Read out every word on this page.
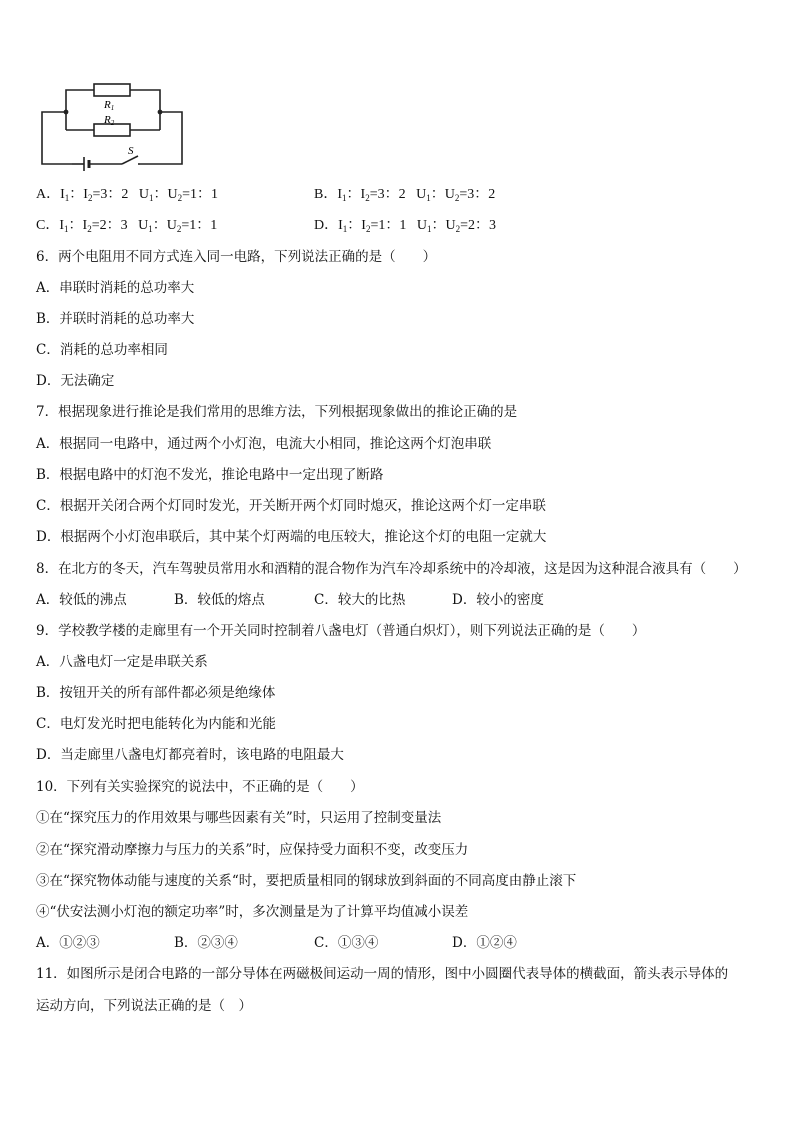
R1
R2
S
A．$I_1$：$I_2=3$：2 $U_1$：$U_2=1$：1	B．$I_1$：$I_2=3$：2 $U_1$：$U_2=3$：2
C．$I_1$：$I_2=2$：3 $U_1$：$U_2=1$：1	D．$I_1$：$I_2=1$：1 $U_1$：$U_2=2$：3
6．两个电阻用不同方式连入同一电路，下列说法正确的是（　　）
A．串联时消耗的总功率大
B．并联时消耗的总功率大
C．消耗的总功率相同
D．无法确定
7．根据现象进行推论是我们常用的思维方法，下列根据现象做出的推论正确的是
A．根据同一电路中，通过两个小灯泡，电流大小相同，推论这两个灯泡串联
B．根据电路中的灯泡不发光，推论电路中一定出现了断路
C．根据开关闭合两个灯同时发光，开关断开两个灯同时熄灭，推论这两个灯一定串联
D．根据两个小灯泡串联后，其中某个灯两端的电压较大，推论这个灯的电阻一定就大
8．在北方的冬天，汽车驾驶员常用水和酒精的混合物作为汽车冷却系统中的冷却液，这是因为这种混合液具有（　　）
A．较低的沸点	B．较低的熔点	C．较大的比热	D．较小的密度
9．学校教学楼的走廊里有一个开关同时控制着八盏电灯（普通白炽灯），则下列说法正确的是（　　）
A．八盏电灯一定是串联关系
B．按钮开关的所有部件都必须是绝缘体
C．电灯发光时把电能转化为内能和光能
D．当走廊里八盏电灯都亮着时，该电路的电阻最大
10．下列有关实验探究的说法中，不正确的是（　　）
①在“探究压力的作用效果与哪些因素有关”时，只运用了控制变量法
②在“探究滑动摩擦力与压力的关系”时，应保持受力面积不变，改变压力
③在“探究物体动能与速度的关系“时，要把质量相同的钢球放到斜面的不同高度由静止滚下
④“伏安法测小灯泡的额定功率”时，多次测量是为了计算平均值减小误差
A．①②③	B．②③④	C．①③④	D．①②④
11．如图所示是闭合电路的一部分导体在两磁极间运动一周的情形，图中小圆圈代表导体的横截面，箭头表示导体的
运动方向，下列说法正确的是（　）
